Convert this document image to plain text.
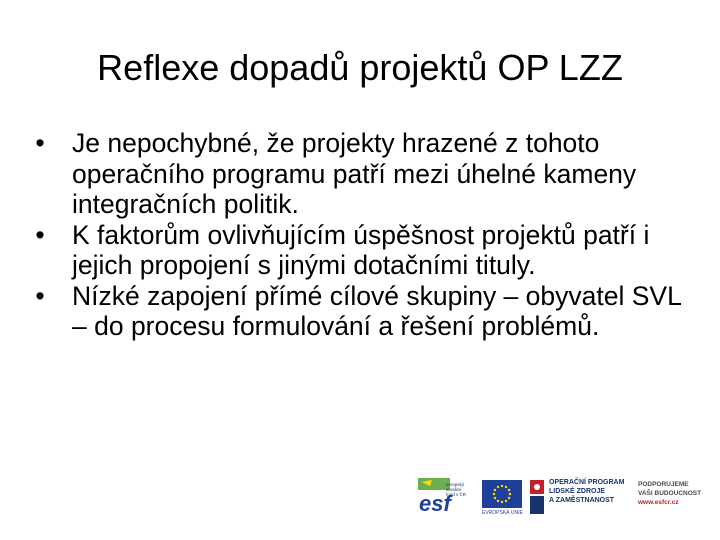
Reflexe dopadů projektů OP LZZ
• Je nepochybné, že projekty hrazené z tohoto operačního programu patří mezi úhelné kameny integračních politik.
• K faktorům ovlivňujícím úspěšnost projektů patří i jejich propojení s jinými dotačními tituly.
• Nízké zapojení přímé cílové skupiny – obyvatel SVL – do procesu formulování a řešení problémů.
esf
evropský
sociální
fond v ČR
EVROPSKÁ UNIE
OPERAČNÍ PROGRAM
LIDSKÉ ZDROJE
A ZAMĚSTNANOST
PODPORUJEME
VAŠI BUDOUCNOST
www.esfcr.cz
